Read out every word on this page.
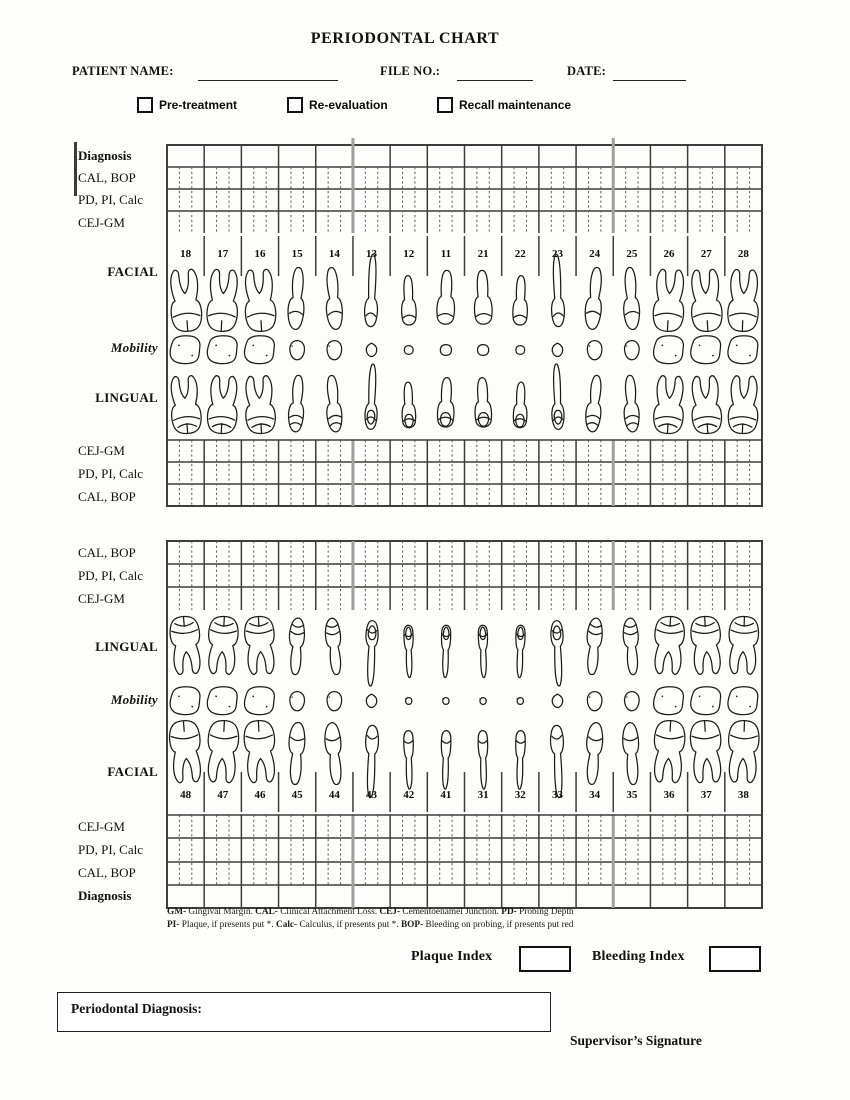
PERIODONTAL CHART
PATIENT NAME:	FILE NO.:	DATE:
Pre-treatment	Re-evaluation	Recall maintenance
18 17 16 15 14 13 12 11 21 22 23 24 25 26 27 28
48 47 46 45 44 43 42 41 31 32 33 34 35 36 37 38
Diagnosis
CAL, BOP
PD, PI, Calc
CEJ-GM
FACIAL
Mobility
LINGUAL
CEJ-GM
PD, PI, Calc
CAL, BOP
CAL, BOP
PD, PI, Calc
CEJ-GM
LINGUAL
Mobility
FACIAL
CEJ-GM
PD, PI, Calc
CAL, BOP
Diagnosis
GM- Gingival Margin. CAL- Clinical Attachment Loss. CEJ- Cementoenamel Junction. PD- Probing Depth
PI- Plaque, if presents put *. Calc- Calculus, if presents put *. BOP- Bleeding on probing, if presents put red
Plaque Index	Bleeding Index
Periodontal Diagnosis:
Supervisor’s Signature
